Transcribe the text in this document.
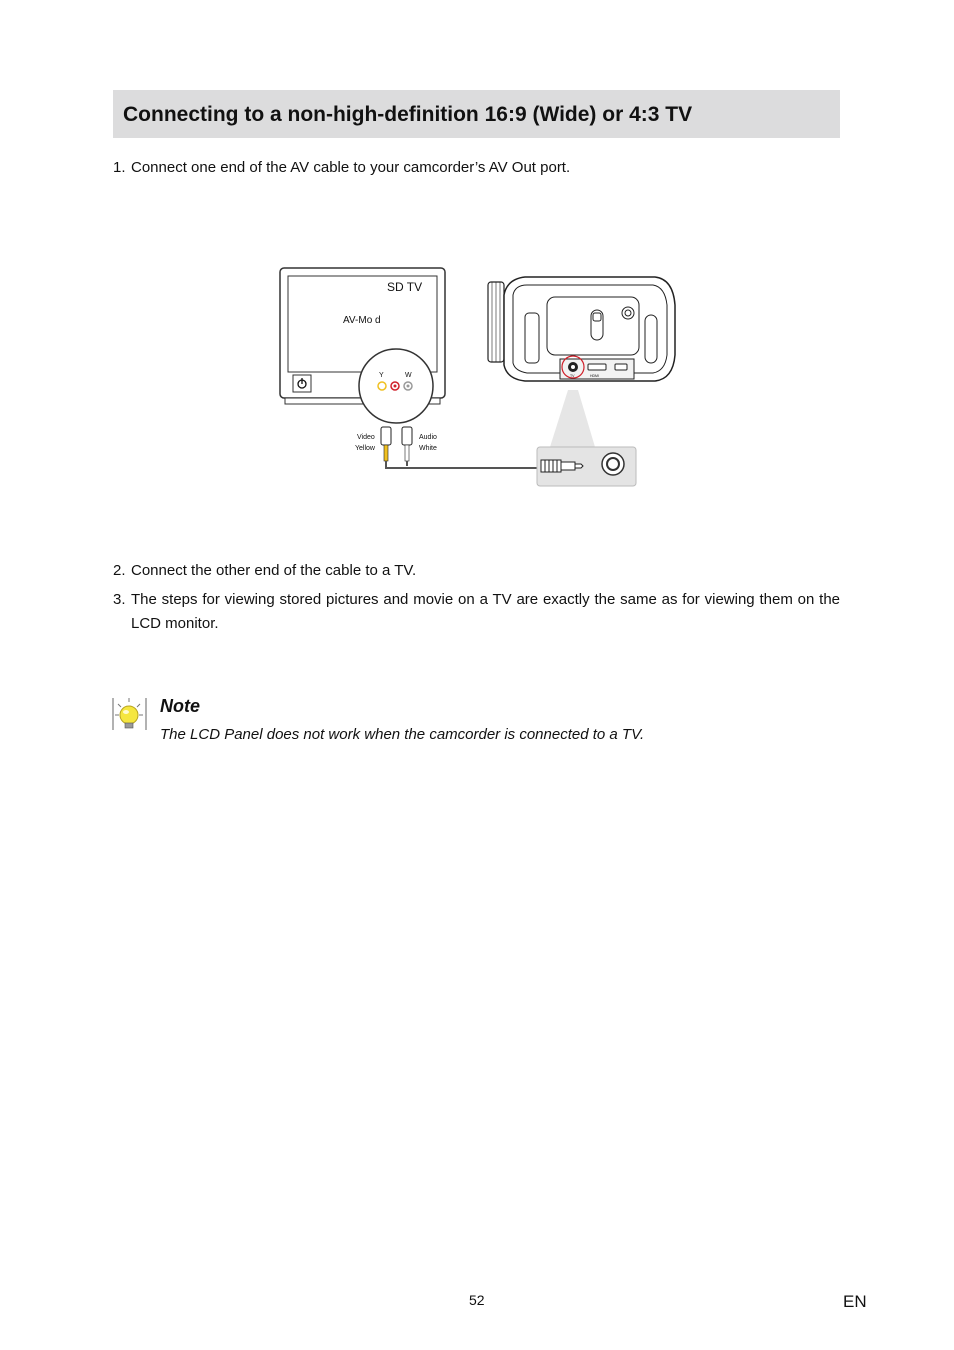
Connecting to a non-high-definition 16:9 (Wide) or 4:3 TV
1. Connect one end of the AV cable to your camcorder’s AV Out port.
SD TV
AV-Mo d
Y	W
Video
Yellow
Audio
White
TV	HDMI
2. Connect the other end of the cable to a TV.
3. The steps for viewing stored pictures and movie on a TV are exactly the same as for viewing them on the LCD monitor.
Note
The LCD Panel does not work when the camcorder is connected to a TV.
52	EN
